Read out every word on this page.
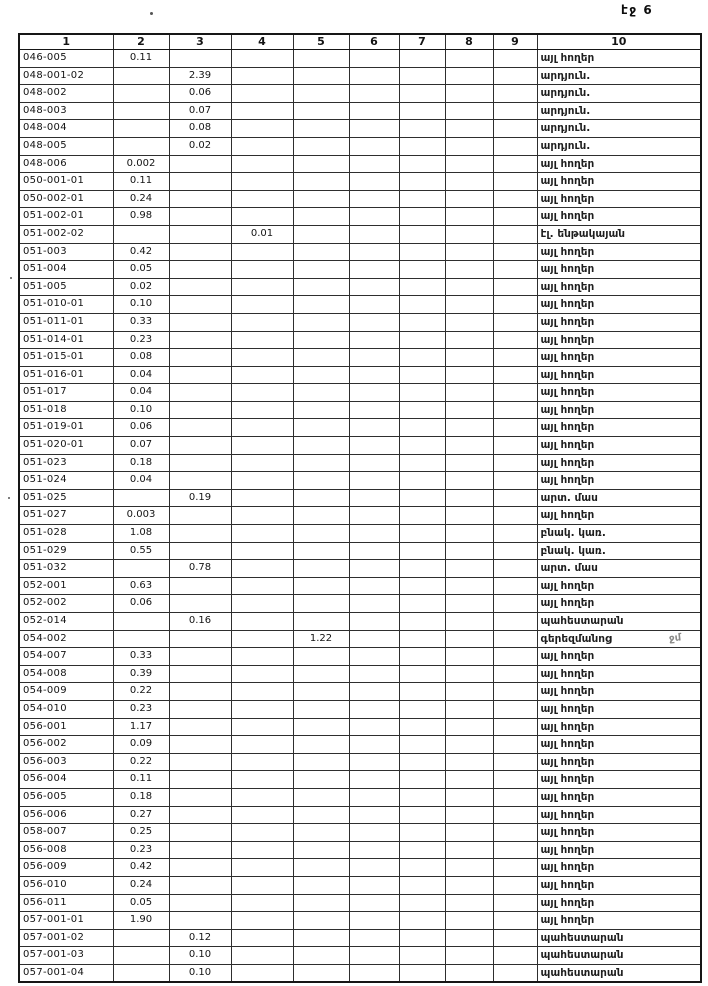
էջ 6
1	2	3	4	5	6	7	8	9	10
046-005	0.11								այլ հողեր
048-001-02		2.39							արդյուն.
048-002		0.06							արդյուն.
048-003		0.07							արդյուն.
048-004		0.08							արդյուն.
048-005		0.02							արդյուն.
048-006	0.002								այլ հողեր
050-001-01	0.11								այլ հողեր
050-002-01	0.24								այլ հողեր
051-002-01	0.98								այլ հողեր
051-002-02			0.01						էլ. ենթակայան
051-003	0.42								այլ հողեր
051-004	0.05								այլ հողեր
051-005	0.02								այլ հողեր
051-010-01	0.10								այլ հողեր
051-011-01	0.33								այլ հողեր
051-014-01	0.23								այլ հողեր
051-015-01	0.08								այլ հողեր
051-016-01	0.04								այլ հողեր
051-017	0.04								այլ հողեր
051-018	0.10								այլ հողեր
051-019-01	0.06								այլ հողեր
051-020-01	0.07								այլ հողեր
051-023	0.18								այլ հողեր
051-024	0.04								այլ հողեր
051-025		0.19							արտ. մաս
051-027	0.003								այլ հողեր
051-028	1.08								բնակ. կառ.
051-029	0.55								բնակ. կառ.
051-032		0.78							արտ. մաս
052-001	0.63								այլ հողեր
052-002	0.06								այլ հողեր
052-014		0.16							պահեստարան
054-002				1.22					գերեզմանոց
054-007	0.33								այլ հողեր
054-008	0.39								այլ հողեր
054-009	0.22								այլ հողեր
054-010	0.23								այլ հողեր
056-001	1.17								այլ հողեր
056-002	0.09								այլ հողեր
056-003	0.22								այլ հողեր
056-004	0.11								այլ հողեր
056-005	0.18								այլ հողեր
056-006	0.27								այլ հողեր
058-007	0.25								այլ հողեր
056-008	0.23								այլ հողեր
056-009	0.42								այլ հողեր
056-010	0.24								այլ հողեր
056-011	0.05								այլ հողեր
057-001-01	1.90								այլ հողեր
057-001-02		0.12							պահեստարան
057-001-03		0.10							պահեստարան
057-001-04		0.10							պահեստարան
ջմ
